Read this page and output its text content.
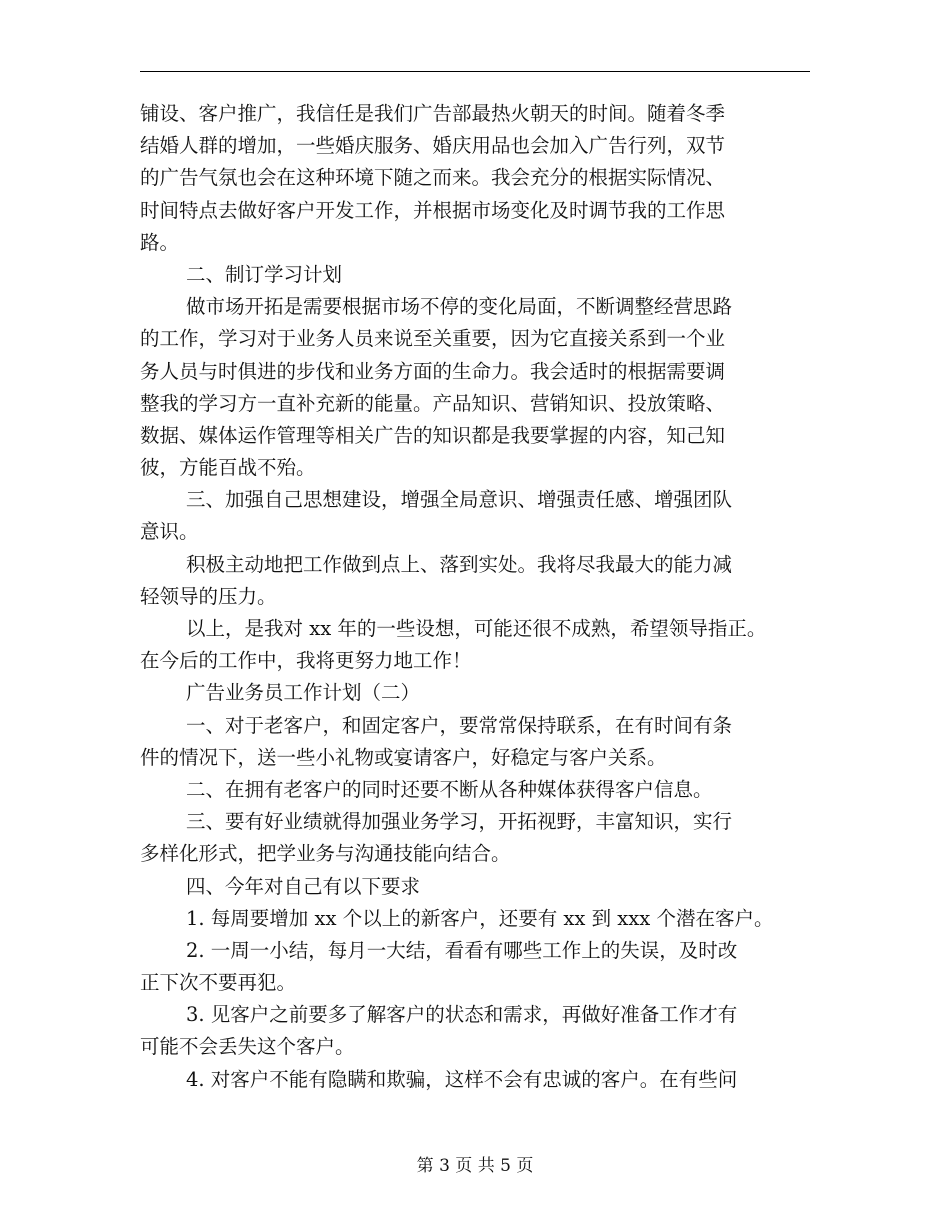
铺设、客户推广，我信任是我们广告部最热火朝天的时间。随着冬季

结婚人群的增加，一些婚庆服务、婚庆用品也会加入广告行列，双节

的广告气氛也会在这种环境下随之而来。我会充分的根据实际情况、

时间特点去做好客户开发工作，并根据市场变化及时调节我的工作思

路。

二、制订学习计划

做市场开拓是需要根据市场不停的变化局面，不断调整经营思路

的工作，学习对于业务人员来说至关重要，因为它直接关系到一个业

务人员与时俱进的步伐和业务方面的生命力。我会适时的根据需要调

整我的学习方一直补充新的能量。产品知识、营销知识、投放策略、

数据、媒体运作管理等相关广告的知识都是我要掌握的内容，知己知

彼，方能百战不殆。

三、加强自己思想建设，增强全局意识、增强责任感、增强团队

意识。

积极主动地把工作做到点上、落到实处。我将尽我最大的能力减

轻领导的压力。

以上，是我对 xx 年的一些设想，可能还很不成熟，希望领导指正。

在今后的工作中，我将更努力地工作！

广告业务员工作计划（二）

一、对于老客户，和固定客户，要常常保持联系，在有时间有条

件的情况下，送一些小礼物或宴请客户，好稳定与客户关系。

二、在拥有老客户的同时还要不断从各种媒体获得客户信息。

三、要有好业绩就得加强业务学习，开拓视野，丰富知识，实行

多样化形式，把学业务与沟通技能向结合。

四、今年对自己有以下要求

1. 每周要增加 xx 个以上的新客户，还要有 xx 到 xxx 个潜在客户。

2. 一周一小结，每月一大结，看看有哪些工作上的失误，及时改

正下次不要再犯。

3. 见客户之前要多了解客户的状态和需求，再做好准备工作才有

可能不会丢失这个客户。

4. 对客户不能有隐瞒和欺骗，这样不会有忠诚的客户。在有些问

第 3 页 共 5 页
